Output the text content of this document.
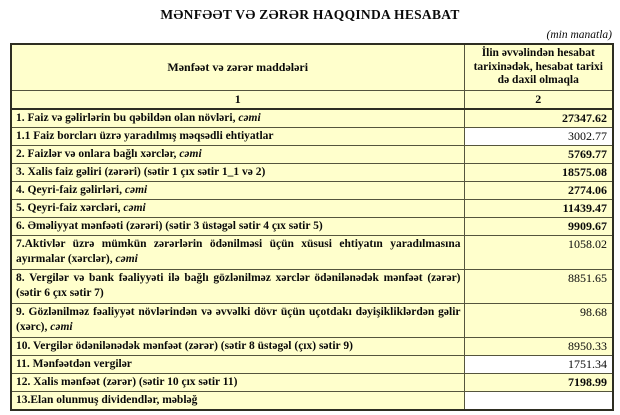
MƏNFƏƏT VƏ ZƏRƏR HAQQINDA HESABAT
(min manatla)
Mənfəət və zərər maddələri	İlin əvvəlindən hesabat tarixinədək, hesabat tarixi də daxil olmaqla
1	2
1. Faiz və gəlirlərin bu qəbildən olan növləri, cəmi	27347.62
1.1 Faiz borcları üzrə yaradılmış məqsədli ehtiyatlar	3002.77
2. Faizlər və onlara bağlı xərclər, cəmi	5769.77
3. Xalis faiz gəliri (zərəri) (sətir 1 çıx sətir 1_1 və 2)	18575.08
4. Qeyri-faiz gəlirləri, cəmi	2774.06
5. Qeyri-faiz xərcləri, cəmi	11439.47
6. Əməliyyat mənfəəti (zərəri) (sətir 3 üstəgəl sətir 4 çıx sətir 5)	9909.67
7.Aktivlər üzrə mümkün zərərlərin ödənilməsi üçün xüsusi ehtiyatın yaradılmasına ayırmalar (xərclər), cəmi	1058.02
8. Vergilər və bank fəaliyyəti ilə bağlı gözlənilməz xərclər ödənilənədək mənfəət (zərər) (sətir 6 çıx sətir 7)	8851.65
9. Gözlənilməz fəaliyyət növlərindən və əvvəlki dövr üçün uçotdakı dəyişikliklərdən gəlir (xərc), cəmi	98.68
10. Vergilər ödənilənədək mənfəət (zərər) (sətir 8 üstəgəl (çıx) sətir 9)	8950.33
11. Mənfəətdən vergilər	1751.34
12. Xalis mənfəət (zərər) (sətir 10 çıx sətir 11)	7198.99
13.Elan olunmuş dividendlər, məbləğ	
